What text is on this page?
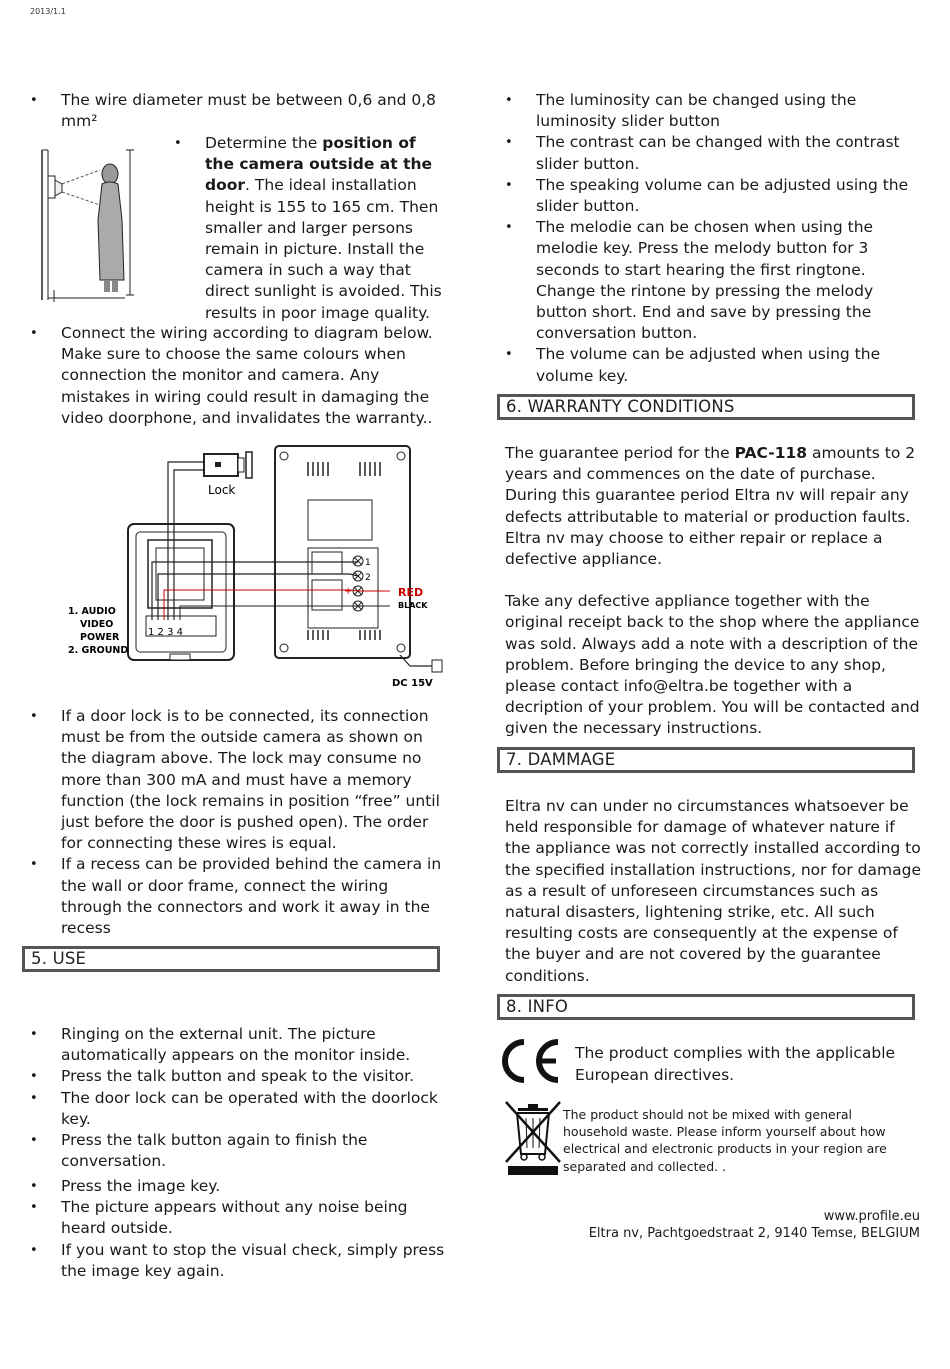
2013/1.1
• The wire diameter must be between 0,6 and 0,8 mm²
• Determine the position of the camera outside at the door. The ideal installation height is 155 to 165 cm. Then smaller and larger persons remain in picture. Install the camera in such a way that direct sunlight is avoided. This results in poor image quality.
• Connect the wiring according to diagram below. Make sure to choose the same colours when connection the monitor and camera. Any mistakes in wiring could result in damaging the video doorphone, and invalidates the warranty..
Lock
1 2 3 4
1
2
+
-
RED
BLACK
DC 15V
1. AUDIO
VIDEO
POWER
2. GROUND
• If a door lock is to be connected, its connection must be from the outside camera as shown on the diagram above. The lock may consume no more than 300 mA and must have a memory function (the lock remains in position “free” until just before the door is pushed open). The order for connecting these wires is equal.
• If a recess can be provided behind the camera in the wall or door frame, connect the wiring through the connectors and work it away in the recess
5. USE
• Ringing on the external unit. The picture automatically appears on the monitor inside.
• Press the talk button and speak to the visitor.
• The door lock can be operated with the doorlock key.
• Press the talk button again to finish the conversation.
• Press the image key.
• The picture appears without any noise being heard outside.
• If you want to stop the visual check, simply press the image key again.
• The luminosity can be changed using the luminosity slider button
• The contrast can be changed with the contrast slider button.
• The speaking volume can be adjusted using the slider button.
• The melodie can be chosen when using the melodie key. Press the melody button for 3 seconds to start hearing the first ringtone. Change the rintone by pressing the melody button short. End and save by pressing the conversation button.
• The volume can be adjusted when using the volume key.
6. WARRANTY CONDITIONS

The guarantee period for the PAC-118 amounts to 2 years and commences on the date of purchase. During this guarantee period Eltra nv will repair any defects attributable to material or production faults. Eltra nv may choose to either repair or replace a defective appliance.

Take any defective appliance together with the original receipt back to the shop where the appliance was sold. Always add a note with a description of the problem. Before bringing the device to any shop, please contact info@eltra.be together with a decription of your problem. You will be contacted and given the necessary instructions.

7. DAMMAGE

Eltra nv can under no circumstances whatsoever be held responsible for damage of whatever nature if the appliance was not correctly installed according to the specified installation instructions, nor for damage as a result of unforeseen circumstances such as natural disasters, lightening strike, etc. All such resulting costs are consequently at the expense of the buyer and are not covered by the guarantee conditions.

8. INFO
The product complies with the applicable European directives.
The product should not be mixed with general household waste. Please inform yourself about how electrical and electronic products in your region are separated and collected. .
www.profile.eu
Eltra nv, Pachtgoedstraat 2, 9140 Temse, BELGIUM
